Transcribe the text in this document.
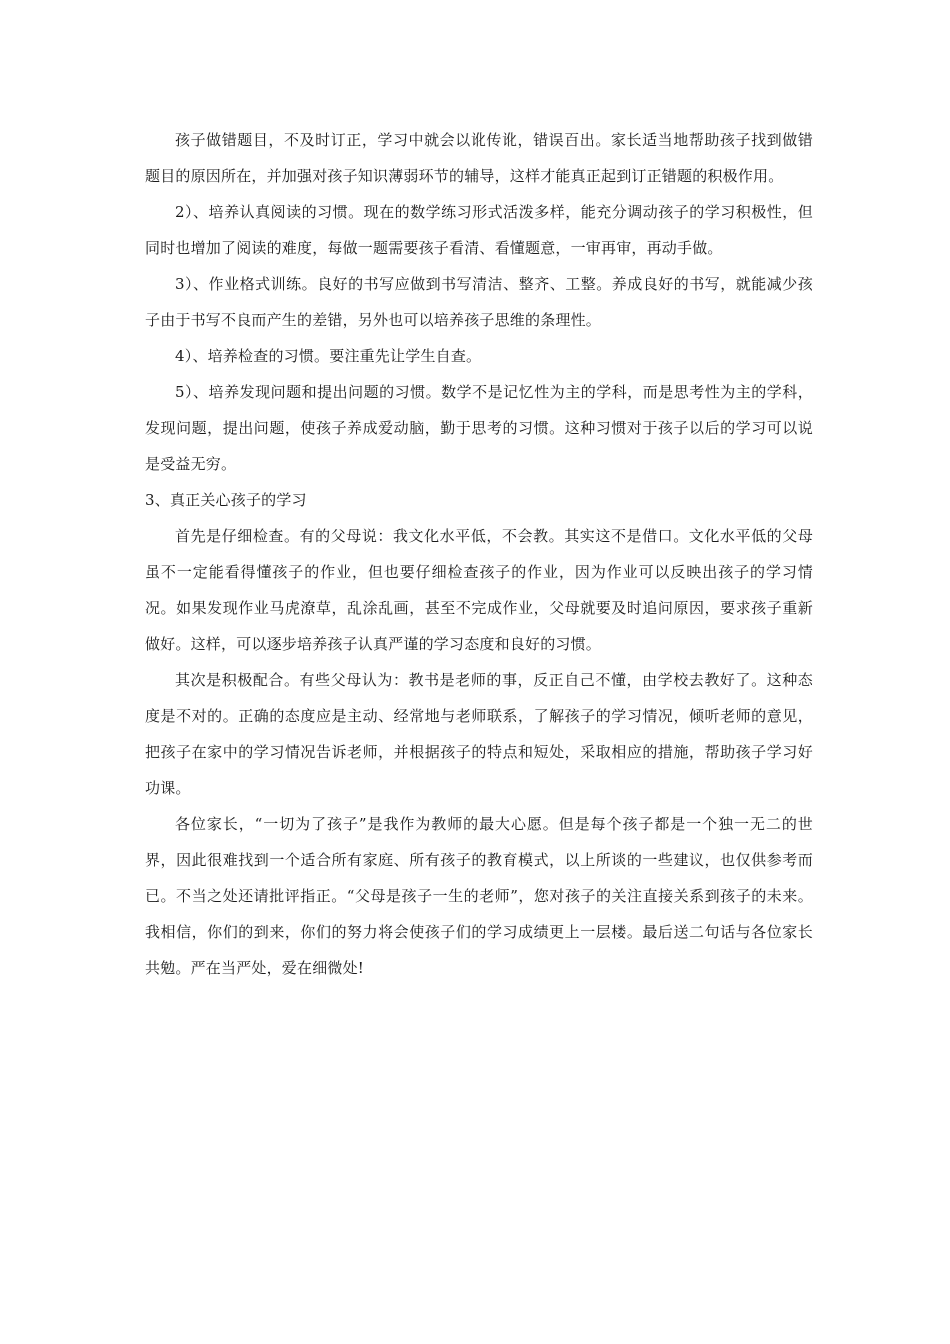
孩子做错题目，不及时订正，学习中就会以讹传讹，错误百出。家长适当地帮助孩子找到做错题目的原因所在，并加强对孩子知识薄弱环节的辅导，这样才能真正起到订正错题的积极作用。

2）、培养认真阅读的习惯。现在的数学练习形式活泼多样，能充分调动孩子的学习积极性，但同时也增加了阅读的难度，每做一题需要孩子看清、看懂题意，一审再审，再动手做。

3）、作业格式训练。良好的书写应做到书写清洁、整齐、工整。养成良好的书写，就能减少孩子由于书写不良而产生的差错，另外也可以培养孩子思维的条理性。

4）、培养检查的习惯。要注重先让学生自查。

5）、培养发现问题和提出问题的习惯。数学不是记忆性为主的学科，而是思考性为主的学科，发现问题，提出问题，使孩子养成爱动脑，勤于思考的习惯。这种习惯对于孩子以后的学习可以说是受益无穷。

3、真正关心孩子的学习

首先是仔细检查。有的父母说：我文化水平低，不会教。其实这不是借口。文化水平低的父母虽不一定能看得懂孩子的作业，但也要仔细检查孩子的作业，因为作业可以反映出孩子的学习情况。如果发现作业马虎潦草，乱涂乱画，甚至不完成作业，父母就要及时追问原因，要求孩子重新做好。这样，可以逐步培养孩子认真严谨的学习态度和良好的习惯。

其次是积极配合。有些父母认为：教书是老师的事，反正自己不懂，由学校去教好了。这种态度是不对的。正确的态度应是主动、经常地与老师联系，了解孩子的学习情况，倾听老师的意见，把孩子在家中的学习情况告诉老师，并根据孩子的特点和短处，采取相应的措施，帮助孩子学习好功课。

各位家长，“一切为了孩子”是我作为教师的最大心愿。但是每个孩子都是一个独一无二的世界，因此很难找到一个适合所有家庭、所有孩子的教育模式，以上所谈的一些建议，也仅供参考而已。不当之处还请批评指正。“父母是孩子一生的老师”，您对孩子的关注直接关系到孩子的未来。我相信，你们的到来，你们的努力将会使孩子们的学习成绩更上一层楼。最后送二句话与各位家长共勉。严在当严处，爱在细微处!
